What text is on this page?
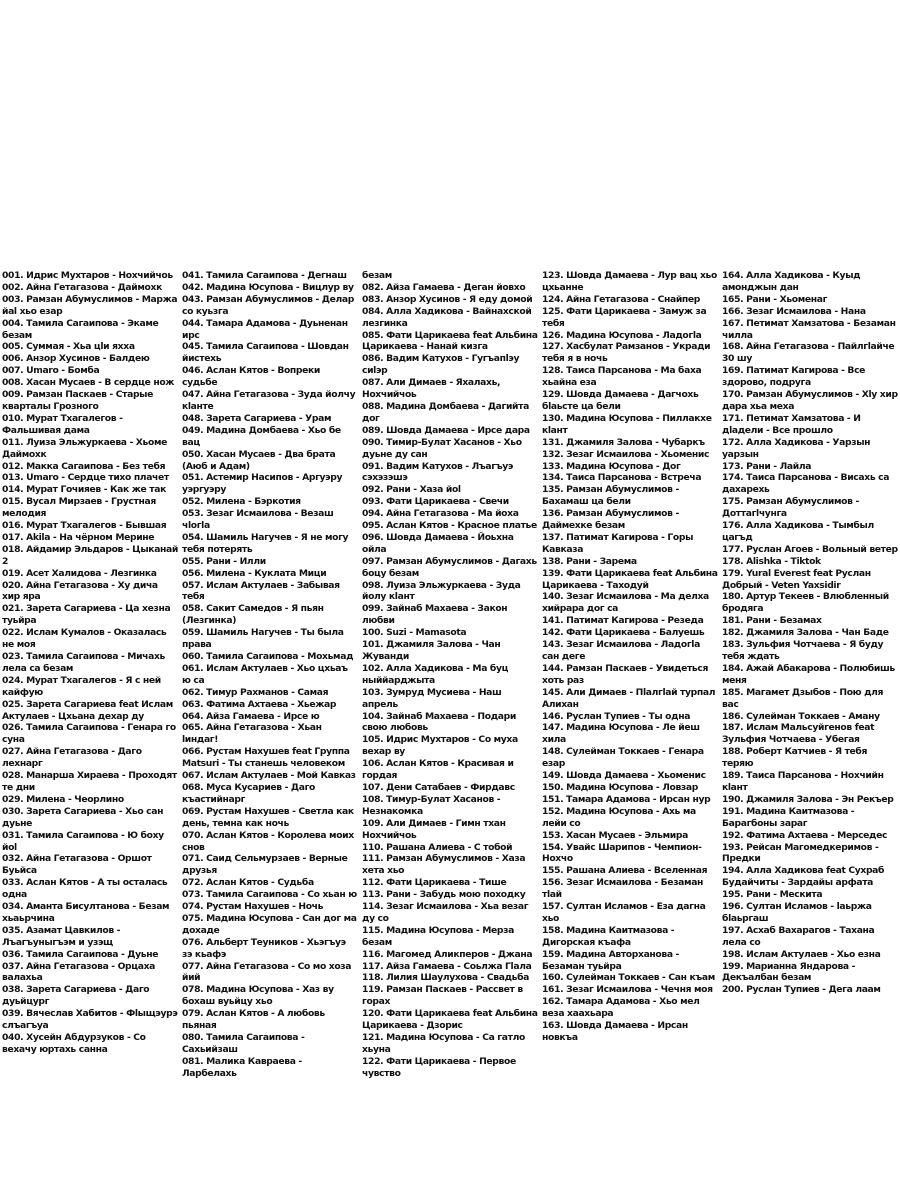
001. Идрис Мухтаров - Нохчийчоь

002. Айна Гетагазова - Даймохк

003. Рамзан Абумуслимов - Маржа йаl хьо езар

004. Тамила Сагаипова - Экаме безам

005. Суммая - Хьа цlи яхха

006. Анзор Хусинов - Балдею

007. Umaro - Бомба

008. Хасан Мусаев - В сердце нож

009. Рамзан Паскаев - Старые кварталы Грозного

010. Мурат Тхагалегов - Фальшивая дама

011. Луиза Эльжуркаева - Хьоме Даймохк

012. Макка Сагаипова - Без тебя

013. Umaro - Сердце тихо плачет

014. Мурат Гочияев - Как же так

015. Вусал Мирзаев - Грустная мелодия

016. Мурат Тхагалегов - Бывшая

017. Akila - На чёрном Мерине

018. Айдамир Эльдаров - Цыканай 2

019. Асет Халидова - Лезгинка

020. Айна Гетагазова - Ху дича хир яра

021. Зарета Сагариева - Ца хезна туьйра

022. Ислам Кумалов - Оказалась не моя

023. Тамила Сагаипова - Мичахь лела са безам

024. Мурат Тхагалегов - Я с ней кайфую

025. Зарета Сагариева feat Ислам Актулаев - Цхьана дехар ду

026. Тамила Сагаипова - Генара го суна

027. Айна Гетагазова - Даго лехнарг

028. Манарша Хираева - Проходят те дни

029. Милена - Чеорлино

030. Зарета Сагариева - Хьо сан дуьне

031. Тамила Сагаипова - Ю боху йоl

032. Айна Гетагазова - Оршот Буьйса

033. Аслан Кятов - А ты осталась одна

034. Аманта Бисултанова - Безам хьаьрчина

035. Азамат Цавкилов - Лъагъуныгъэм и узэщ

036. Тамила Сагаипова - Дуьне

037. Айна Гетагазова - Орцаха валахьа

038. Зарета Сагариева - Даго дуьйцург

039. Вячеслав Хабитов - Фlыщэурэ слъагъуа

040. Хусейн Абдурзуков - Со вехачу юртахь санна

041. Тамила Сагаипова - Дегнаш

042. Мадина Юсупова - Вицлур ву

043. Рамзан Абумуслимов - Делар со куьзга

044. Тамара Адамова - Дуьненан ирс

045. Тамила Сагаипова - Шовдан йистехь

046. Аслан Кятов - Вопреки судьбе

047. Айна Гетагазова - Зуда йолчу кlанте

048. Зарета Сагариева - Урам

049. Мадина Домбаева - Хьо бе вац

050. Хасан Мусаев - Два брата (Аюб и Адам)

051. Астемир Насипов - Аргуэру уэргуэру

052. Милена - Бэркотия

053. Зезаг Исмаилова - Везаш чlогlа

054. Шамиль Нагучев - Я не могу тебя потерять

055. Рани - Илли

056. Милена - Куклата Мици

057. Ислам Актулаев - Забывая тебя

058. Сакит Самедов - Я пьян (Лезгинка)

059. Шамиль Нагучев - Ты была права

060. Тамила Сагаипова - Мохьмад

061. Ислам Актулаев - Хьо цхьаъ ю са

062. Тимур Рахманов - Самая

063. Фатима Ахтаева - Хьежар

064. Айза Гамаева - Ирсе ю

065. Айна Гетагазова - Хьан lиндаг!

066. Рустам Нахушев feat Группа Matsuri - Ты станешь человеком

067. Ислам Актулаев - Мой Кавказ

068. Муса Кусариев - Даго къастийнарг

069. Рустам Нахушев - Светла как день, темна как ночь

070. Аслан Кятов - Королева моих снов

071. Саид Сельмурзаев - Верные друзья

072. Аслан Кятов - Судьба

073. Тамила Сагаипова - Со хьан ю

074. Рустам Нахушев - Ночь

075. Мадина Юсупова - Сан дог ма дохаде

076. Альберт Теуников - Хьэгъуэ зэ кьафэ

077. Айна Гетагазова - Со мо хоза йий

078. Мадина Юсупова - Хаз ву бохаш вуьйцу хьо

079. Аслан Кятов - А любовь пьяная

080. Тамила Сагаипова - Сахьийзаш

081. Малика Кавраева - Ларбелахь

безам

082. Айза Гамаева - Деган йовхо

083. Анзор Хусинов - Я еду домой

084. Алла Хадикова - Вайнахской лезгинка

085. Фати Царикаева feat Альбина Царикаева - Нанай кизга

086. Вадим Катухов - Гугъапlэу сиlэр

087. Али Димаев - Яхалахь, Нохчийчоь

088. Мадина Домбаева - Дагийта дог

089. Шовда Дамаева - Ирсе дара

090. Тимир-Булат Хасанов - Хьо дуьне ду сан

091. Вадим Катухов - Лъагъуэ сэхэзэшэ

092. Рани - Хаза йоl

093. Фати Царикаева - Свечи

094. Айна Гетагазова - Ма йоха

095. Аслан Кятов - Красное платье

096. Шовда Дамаева - Йоьхна ойла

097. Рамзан Абумуслимов - Дагахь боцу безам

098. Луиза Эльжуркаева - Зуда йолу кlант

099. Зайнаб Махаева - Закон любви

100. Suzi - Mamasota

101. Джамиля Залова - Чан Жуванди

102. Алла Хадикова - Ма буц ныййарджыта

103. Зумруд Мусиева - Наш апрель

104. Зайнаб Махаева - Подари свою любовь

105. Идрис Мухтаров - Со муха вехар ву

106. Аслан Кятов - Красивая и гордая

107. Дени Сатабаев - Фирдавс

108. Тимур-Булат Хасанов - Незнакомка

109. Али Димаев - Гимн тхан Нохчийчоь

110. Рашана Алиева - С тобой

111. Рамзан Абумуслимов - Хаза хета хьо

112. Фати Царикаева - Тише

113. Рани - Забудь мою походку

114. Зезаг Исмаилова - Хьа везаг ду со

115. Мадина Юсупова - Мерза безам

116. Магомед Аликперов - Джана

117. Айза Гамаева - Соьлжа Гlала

118. Лилия Шаулухова - Свадьба

119. Рамзан Паскаев - Рассвет в горах

120. Фати Царикаева feat Альбина Царикаева - Дзорис

121. Мадина Юсупова - Са гатло хьуна

122. Фати Царикаева - Первое чувство

123. Шовда Дамаева - Лур вац хьо цхьанне

124. Айна Гетагазова - Снайпер

125. Фати Царикаева - Замуж за тебя

126. Мадина Юсупова - Ладогlа

127. Хасбулат Рамзанов - Укради тебя я в ночь

128. Таиса Парсанова - Ма баха хьайна еза

129. Шовда Дамаева - Дагчохь бlаьсте ца бели

130. Мадина Юсупова - Пиллакхе кlант

131. Джамиля Залова - Чубаркъ

132. Зезаг Исмаилова - Хьоменис

133. Мадина Юсупова - Дог

134. Таиса Парсанова - Встреча

135. Рамзан Абумуслимов - Бахамаш ца бели

136. Рамзан Абумуслимов - Даймехке безам

137. Патимат Кагирова - Горы Кавказа

138. Рани - Зарема

139. Фати Царикаева feat Альбина Царикаева - Таходуй

140. Зезаг Исмаилова - Ма делха хийрара дог са

141. Патимат Кагирова - Резеда

142. Фати Царикаева - Балуешь

143. Зезаг Исмаилова - Ладогlа сан деге

144. Рамзан Паскаев - Увидеться хоть раз

145. Али Димаев - Пlалгlай турпал Алихан

146. Руслан Тупиев - Ты одна

147. Мадина Юсупова - Ле йеш хила

148. Сулейман Токкаев - Генара езар

149. Шовда Дамаева - Хьоменис

150. Мадина Юсупова - Ловзар

151. Тамара Адамова - Ирсан нур

152. Мадина Юсупова - Ахь ма лейи со

153. Хасан Мусаев - Эльмира

154. Увайс Шарипов - Чемпион-Нохчо

155. Рашана Алиева - Вселенная

156. Зезаг Исмаилова - Безаман тlай

157. Султан Исламов - Еза дагна хьо

158. Мадина Каитмазова - Дигорская къафа

159. Мадина Авторханова - Безаман туьйра

160. Сулейман Токкаев - Сан къам

161. Зезаг Исмаилова - Чечня моя

162. Тамара Адамова - Хьо мел веза хаахьара

163. Шовда Дамаева - Ирсан новкъа

164. Алла Хадикова - Куыд амонджын дан

165. Рани - Хьоменаг

166. Зезаг Исмаилова - Нана

167. Петимат Хамзатова - Безаман чилла

168. Айна Гетагазова - Пайлгlайче 30 шу

169. Патимат Кагирова - Все здорово, подруга

170. Рамзан Абумуслимов - Хlу хир дара хьа меха

171. Петимат Хамзатова - И дlадели - Все прошло

172. Алла Хадикова - Уарзын уарзын

173. Рани - Лайла

174. Таиса Парсанова - Висахь са дахарехь

175. Рамзан Абумуслимов - Доттагlчунга

176. Алла Хадикова - Тымбыл цагъд

177. Руслан Агоев - Вольный ветер

178. Alishka - Tiktok

179. Yural Everest feat Руслан Добрый - Veten Yaxsidir

180. Артур Текеев - Влюбленный бродяга

181. Рани - Безамах

182. Джамиля Залова - Чан Баде

183. Зульфия Чотчаева - Я буду тебя ждать

184. Ажай Абакарова - Полюбишь меня

185. Магамет Дзыбов - Пою для вас

186. Сулейман Токкаев - Аману

187. Ислам Мальсуйгенов feat Зульфия Чотчаева - Убегая

188. Роберт Катчиев - Я тебя теряю

189. Таиса Парсанова - Нохчийн кlант

190. Джамиля Залова - Эн Рекъер

191. Мадина Каитмазова - Барагбоны зараг

192. Фатима Ахтаева - Мерседес

193. Рейсан Магомедкеримов - Предки

194. Алла Хадикова feat Сухраб Будайчиты - Зардайы арфата

195. Рани - Мескита

196. Султан Исламов - lаьржа бlаьргаш

197. Асхаб Вахарагов - Тахана лела со

198. Ислам Актулаев - Хьо езна

199. Марианна Яндарова - Декъалбан безам

200. Руслан Тупиев - Дега лаам
